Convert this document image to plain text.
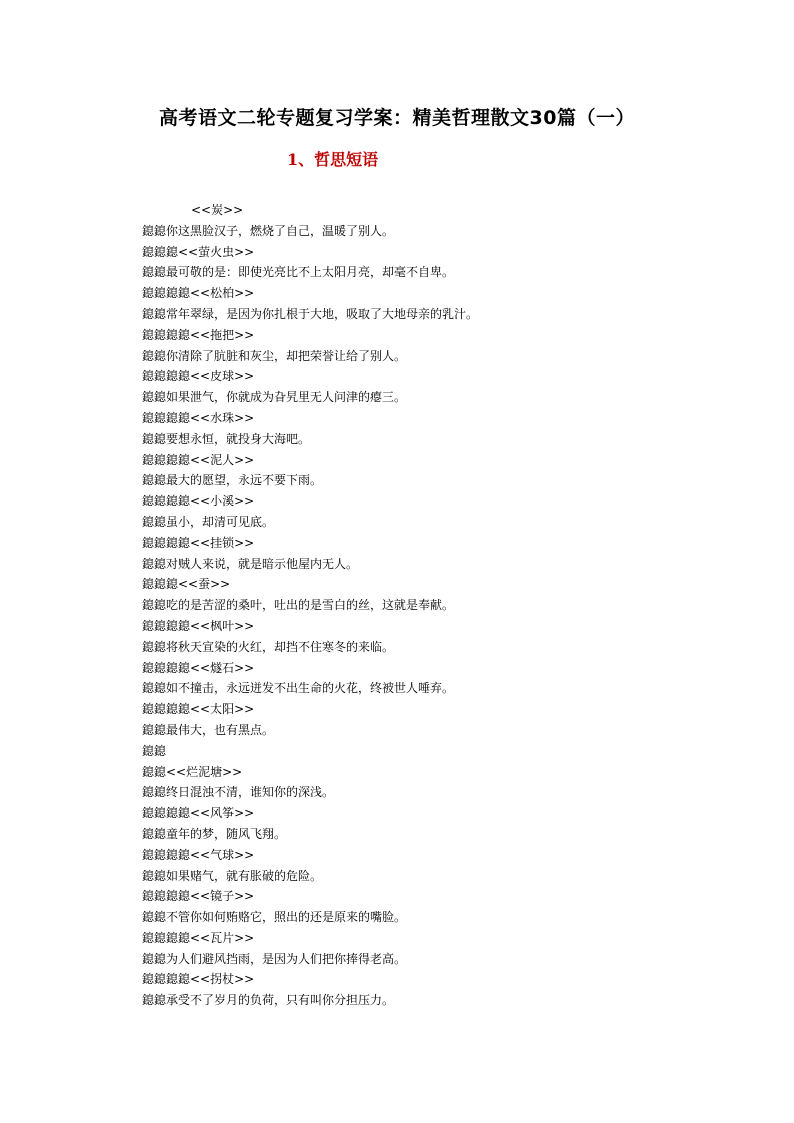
高考语文二轮专题复习学案：精美哲理散文30篇（一）
1、哲思短语
<<炭>>
鎴鎴你这黑脸汉子，燃烧了自己，温暖了别人。
鎴鎴鎴<<萤火虫>>
鎴鎴最可敬的是：即使光亮比不上太阳月亮，却毫不自卑。
鎴鎴鎴鎴<<松柏>>
鎴鎴常年翠绿，是因为你扎根于大地，吸取了大地母亲的乳汁。
鎴鎴鎴鎴<<拖把>>
鎴鎴你清除了肮脏和灰尘，却把荣誉让给了别人。
鎴鎴鎴鎴<<皮球>>
鎴鎴如果泄气，你就成为旮旯里无人问津的瘪三。
鎴鎴鎴鎴<<水珠>>
鎴鎴要想永恒，就投身大海吧。
鎴鎴鎴鎴<<泥人>>
鎴鎴最大的愿望，永远不要下雨。
鎴鎴鎴鎴<<小溪>>
鎴鎴虽小，却清可见底。
鎴鎴鎴鎴<<挂锁>>
鎴鎴对贼人来说，就是暗示他屋内无人。
鎴鎴鎴<<蚕>>
鎴鎴吃的是苦涩的桑叶，吐出的是雪白的丝，这就是奉献。
鎴鎴鎴鎴<<枫叶>>
鎴鎴将秋天宣染的火红，却挡不住寒冬的来临。
鎴鎴鎴鎴<<燧石>>
鎴鎴如不撞击，永远迸发不出生命的火花，终被世人唾弃。
鎴鎴鎴鎴<<太阳>>
鎴鎴最伟大，也有黑点。
鎴鎴
鎴鎴<<烂泥塘>>
鎴鎴终日混浊不清，谁知你的深浅。
鎴鎴鎴鎴<<风筝>>
鎴鎴童年的梦，随风飞翔。
鎴鎴鎴鎴<<气球>>
鎴鎴如果赌气，就有胀破的危险。
鎴鎴鎴鎴<<镜子>>
鎴鎴不管你如何贿赂它，照出的还是原来的嘴脸。
鎴鎴鎴鎴<<瓦片>>
鎴鎴为人们避风挡雨，是因为人们把你捧得老高。
鎴鎴鎴鎴<<拐杖>>
鎴鎴承受不了岁月的负荷，只有叫你分担压力。
